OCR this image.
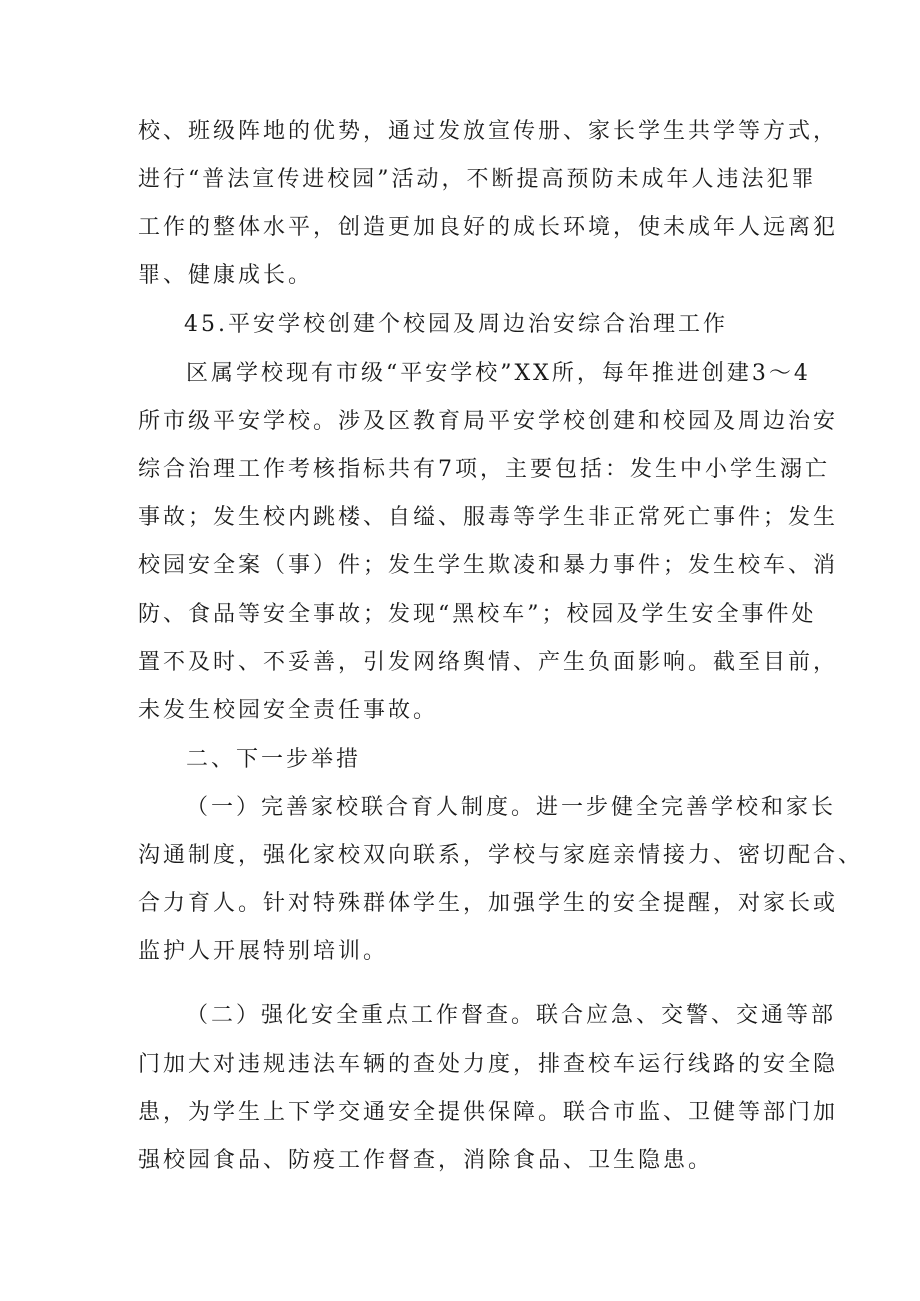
校、班级阵地的优势，通过发放宣传册、家长学生共学等方式，
进行“普法宣传进校园”活动，不断提高预防未成年人违法犯罪
工作的整体水平，创造更加良好的成长环境，使未成年人远离犯
罪、健康成长。
45.平安学校创建个校园及周边治安综合治理工作
区属学校现有市级“平安学校”XX所，每年推进创建3～4
所市级平安学校。涉及区教育局平安学校创建和校园及周边治安
综合治理工作考核指标共有7项，主要包括：发生中小学生溺亡
事故；发生校内跳楼、自缢、服毒等学生非正常死亡事件；发生
校园安全案（事）件；发生学生欺凌和暴力事件；发生校车、消
防、食品等安全事故；发现“黑校车”；校园及学生安全事件处
置不及时、不妥善，引发网络舆情、产生负面影响。截至目前，
未发生校园安全责任事故。
二、下一步举措
（一）完善家校联合育人制度。进一步健全完善学校和家长
沟通制度，强化家校双向联系，学校与家庭亲情接力、密切配合、
合力育人。针对特殊群体学生，加强学生的安全提醒，对家长或
监护人开展特别培训。
（二）强化安全重点工作督查。联合应急、交警、交通等部
门加大对违规违法车辆的查处力度，排查校车运行线路的安全隐
患，为学生上下学交通安全提供保障。联合市监、卫健等部门加
强校园食品、防疫工作督查，消除食品、卫生隐患。
